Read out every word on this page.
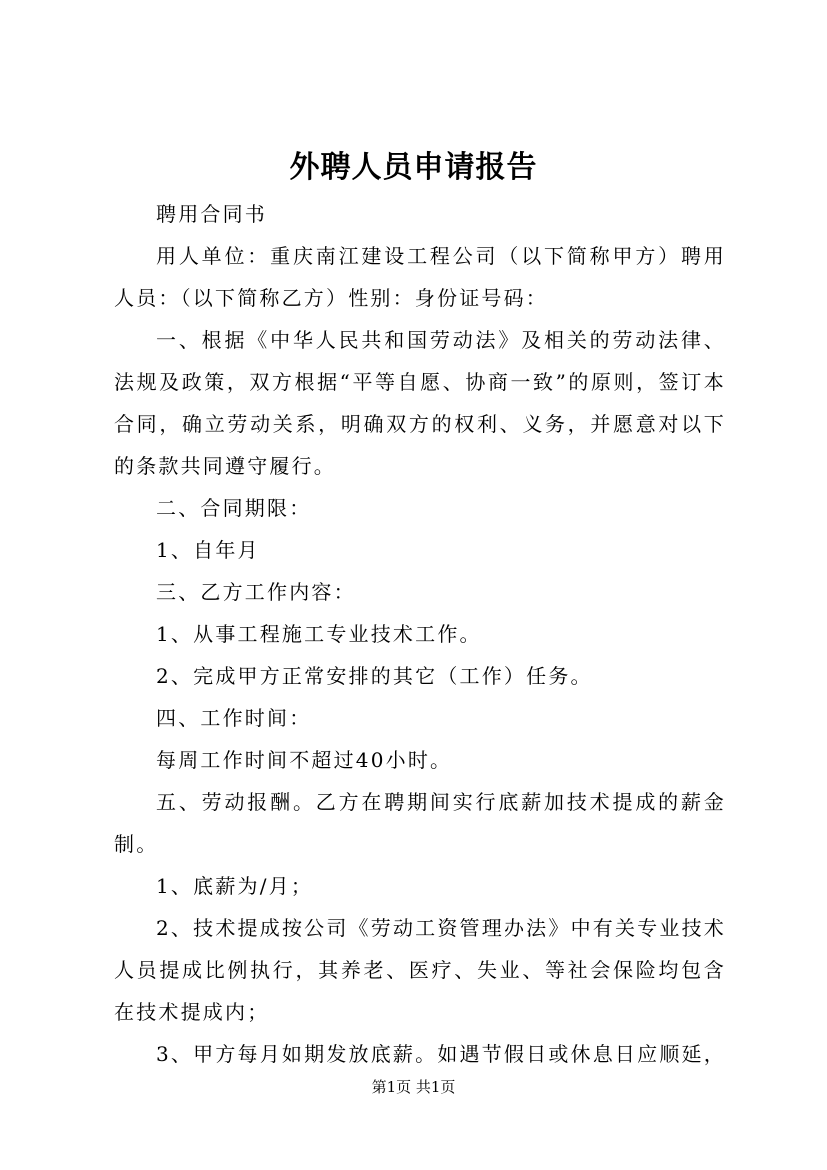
外聘人员申请报告

聘用合同书

用人单位：重庆南江建设工程公司（以下简称甲方）聘用人员：（以下简称乙方）性别：身份证号码：

一、根据《中华人民共和国劳动法》及相关的劳动法律、法规及政策，双方根据“平等自愿、协商一致”的原则，签订本合同，确立劳动关系，明确双方的权利、义务，并愿意对以下的条款共同遵守履行。

二、合同期限：

1、自年月

三、乙方工作内容：

1、从事工程施工专业技术工作。

2、完成甲方正常安排的其它（工作）任务。

四、工作时间：

每周工作时间不超过40小时。

五、劳动报酬。乙方在聘期间实行底薪加技术提成的薪金制。

1、底薪为/月；

2、技术提成按公司《劳动工资管理办法》中有关专业技术人员提成比例执行，其养老、医疗、失业、等社会保险均包含在技术提成内；

3、甲方每月如期发放底薪。如遇节假日或休息日应顺延，

第1页 共1页
